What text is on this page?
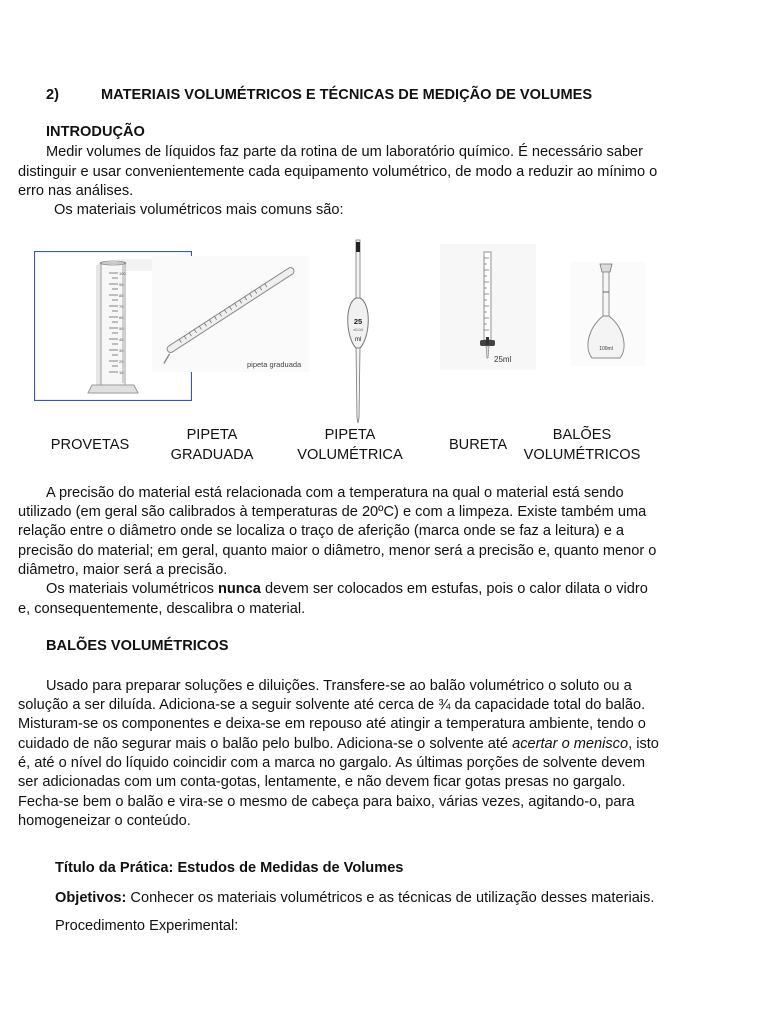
2)	MATERIAIS VOLUMÉTRICOS E TÉCNICAS DE MEDIÇÃO DE VOLUMES
INTRODUÇÃO
Medir volumes de líquidos faz parte da rotina de um laboratório químico. É necessário saber
distinguir e usar convenientemente cada equipamento volumétrico, de modo a reduzir ao mínimo o
erro nas análises.
Os materiais volumétricos mais comuns são:
100
90
80
70
60
50
40
30
20
10
pipeta graduada
25
±0.04
ml
25ml
100ml
PROVETAS
PIPETA
GRADUADA
PIPETA
VOLUMÉTRICA
BURETA
BALÕES
VOLUMÉTRICOS
A precisão do material está relacionada com a temperatura na qual o material está sendo
utilizado (em geral são calibrados à temperaturas de 20ºC) e com a limpeza. Existe também uma
relação entre o diâmetro onde se localiza o traço de aferição (marca onde se faz a leitura) e a
precisão do material; em geral, quanto maior o diâmetro, menor será a precisão e, quanto menor o
diâmetro, maior será a precisão.
Os materiais volumétricos nunca devem ser colocados em estufas, pois o calor dilata o vidro
e, consequentemente, descalibra o material.
BALÕES VOLUMÉTRICOS
Usado para preparar soluções e diluições. Transfere-se ao balão volumétrico o soluto ou a
solução a ser diluída. Adiciona-se a seguir solvente até cerca de ¾ da capacidade total do balão.
Misturam-se os componentes e deixa-se em repouso até atingir a temperatura ambiente, tendo o
cuidado de não segurar mais o balão pelo bulbo. Adiciona-se o solvente até acertar o menisco, isto
é, até o nível do líquido coincidir com a marca no gargalo. As últimas porções de solvente devem
ser adicionadas com um conta-gotas, lentamente, e não devem ficar gotas presas no gargalo.
Fecha-se bem o balão e vira-se o mesmo de cabeça para baixo, várias vezes, agitando-o, para
homogeneizar o conteúdo.
Título da Prática: Estudos de Medidas de Volumes
Objetivos: Conhecer os materiais volumétricos e as técnicas de utilização desses materiais.
Procedimento Experimental:
